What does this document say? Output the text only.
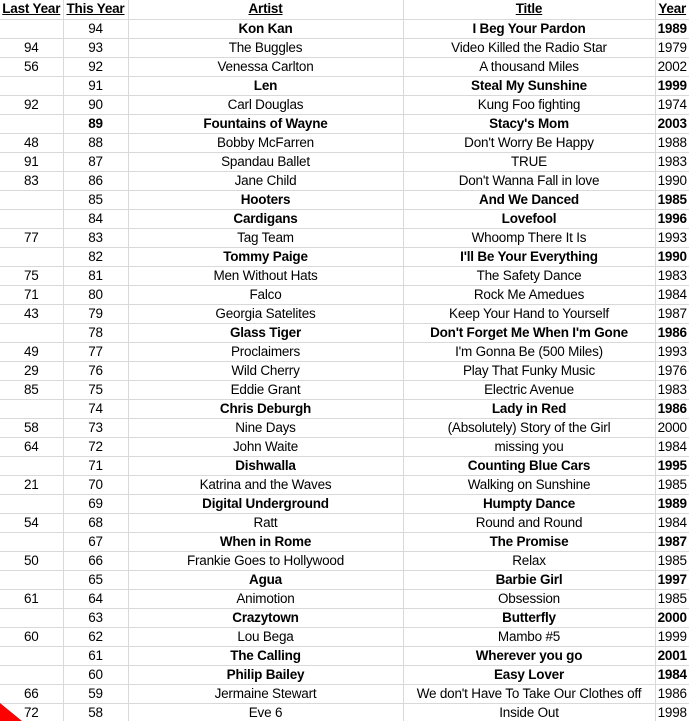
Last Year	This Year	Artist	Title	Year
	94	Kon Kan	I Beg Your Pardon	1989
94	93	The Buggles	Video Killed the Radio Star	1979
56	92	Venessa Carlton	A thousand Miles	2002
	91	Len	Steal My Sunshine	1999
92	90	Carl Douglas	Kung Foo fighting	1974
	89	Fountains of Wayne	Stacy's Mom	2003
48	88	Bobby McFarren	Don't Worry Be Happy	1988
91	87	Spandau Ballet	TRUE	1983
83	86	Jane Child	Don't Wanna Fall in love	1990
	85	Hooters	And We Danced	1985
	84	Cardigans	Lovefool	1996
77	83	Tag Team	Whoomp There It Is	1993
	82	Tommy Paige	I'll Be Your Everything	1990
75	81	Men Without Hats	The Safety Dance	1983
71	80	Falco	Rock Me Amedues	1984
43	79	Georgia Satelites	Keep Your Hand to Yourself	1987
	78	Glass Tiger	Don't Forget Me When I'm Gone	1986
49	77	Proclaimers	I'm Gonna Be (500 Miles)	1993
29	76	Wild Cherry	Play That Funky Music	1976
85	75	Eddie Grant	Electric Avenue	1983
	74	Chris Deburgh	Lady in Red	1986
58	73	Nine Days	(Absolutely) Story of the Girl	2000
64	72	John Waite	missing you	1984
	71	Dishwalla	Counting Blue Cars	1995
21	70	Katrina and the Waves	Walking on Sunshine	1985
	69	Digital Underground	Humpty Dance	1989
54	68	Ratt	Round and Round	1984
	67	When in Rome	The Promise	1987
50	66	Frankie Goes to Hollywood	Relax	1985
	65	Agua	Barbie Girl	1997
61	64	Animotion	Obsession	1985
	63	Crazytown	Butterfly	2000
60	62	Lou Bega	Mambo #5	1999
	61	The Calling	Wherever you go	2001
	60	Philip Bailey	Easy Lover	1984
66	59	Jermaine Stewart	We don't Have To Take Our Clothes off	1986
72	58	Eve 6	Inside Out	1998
